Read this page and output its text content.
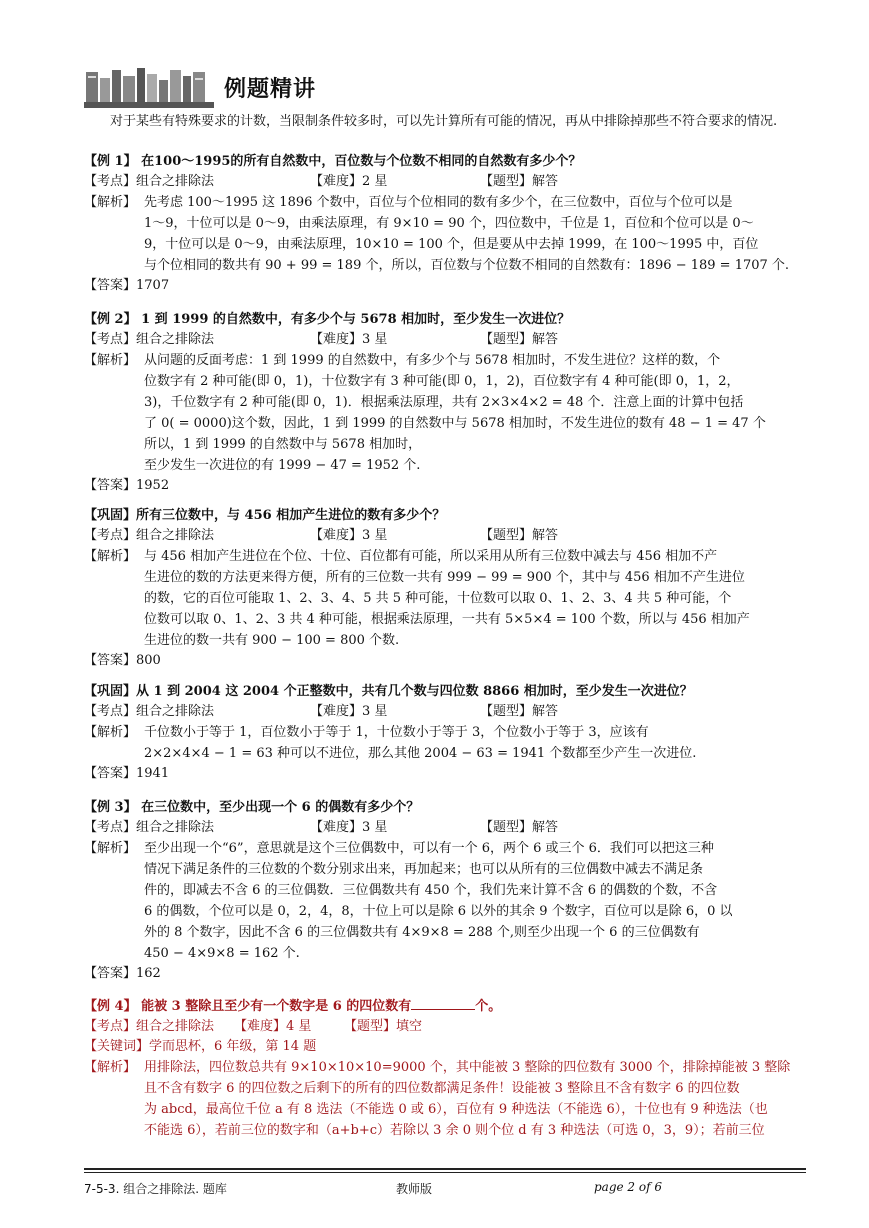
例题精讲
对于某些有特殊要求的计数，当限制条件较多时，可以先计算所有可能的情况，再从中排除掉那些不符合要求的情况.
【例 1】 在100～1995的所有自然数中，百位数与个位数不相同的自然数有多少个？
【考点】组合之排除法	【难度】2 星	【题型】解答
【解析】 先考虑 100～1995 这 1896 个数中，百位与个位相同的数有多少个，在三位数中，百位与个位可以是
1～9，十位可以是 0～9，由乘法原理，有 9×10 = 90 个，四位数中，千位是 1，百位和个位可以是 0～
9，十位可以是 0～9，由乘法原理，10×10 = 100 个，但是要从中去掉 1999，在 100～1995 中，百位
与个位相同的数共有 90 + 99 = 189 个，所以，百位数与个位数不相同的自然数有：1896 − 189 = 1707 个.
【答案】1707
【例 2】 1 到 1999 的自然数中，有多少个与 5678 相加时，至少发生一次进位？
【考点】组合之排除法	【难度】3 星	【题型】解答
【解析】 从问题的反面考虑：1 到 1999 的自然数中，有多少个与 5678 相加时，不发生进位？这样的数，个
位数字有 2 种可能(即 0，1)，十位数字有 3 种可能(即 0，1，2)，百位数字有 4 种可能(即 0，1，2，
3)，千位数字有 2 种可能(即 0，1)．根据乘法原理，共有 2×3×4×2 = 48 个．注意上面的计算中包括
了 0( = 0000)这个数，因此，1 到 1999 的自然数中与 5678 相加时，不发生进位的数有 48 − 1 = 47 个
所以，1 到 1999 的自然数中与 5678 相加时，
至少发生一次进位的有 1999 − 47 = 1952 个.
【答案】1952
【巩固】所有三位数中，与 456 相加产生进位的数有多少个？
【考点】组合之排除法	【难度】3 星	【题型】解答
【解析】 与 456 相加产生进位在个位、十位、百位都有可能，所以采用从所有三位数中减去与 456 相加不产
生进位的数的方法更来得方便，所有的三位数一共有 999 − 99 = 900 个，其中与 456 相加不产生进位
的数，它的百位可能取 1、2、3、4、5 共 5 种可能，十位数可以取 0、1、2、3、4 共 5 种可能，个
位数可以取 0、1、2、3 共 4 种可能，根据乘法原理，一共有 5×5×4 = 100 个数，所以与 456 相加产
生进位的数一共有 900 − 100 = 800 个数.
【答案】800
【巩固】从 1 到 2004 这 2004 个正整数中，共有几个数与四位数 8866 相加时，至少发生一次进位？
【考点】组合之排除法	【难度】3 星	【题型】解答
【解析】 千位数小于等于 1，百位数小于等于 1，十位数小于等于 3，个位数小于等于 3，应该有
2×2×4×4 − 1 = 63 种可以不进位，那么其他 2004 − 63 = 1941 个数都至少产生一次进位.
【答案】1941
【例 3】 在三位数中，至少出现一个 6 的偶数有多少个？
【考点】组合之排除法	【难度】3 星	【题型】解答
【解析】 至少出现一个“6”，意思就是这个三位偶数中，可以有一个 6，两个 6 或三个 6．我们可以把这三种
情况下满足条件的三位数的个数分别求出来，再加起来；也可以从所有的三位偶数中减去不满足条
件的，即减去不含 6 的三位偶数．三位偶数共有 450 个，我们先来计算不含 6 的偶数的个数，不含
6 的偶数，个位可以是 0，2，4，8，十位上可以是除 6 以外的其余 9 个数字，百位可以是除 6，0 以
外的 8 个数字，因此不含 6 的三位偶数共有 4×9×8 = 288 个,则至少出现一个 6 的三位偶数有
450 − 4×9×8 = 162 个.
【答案】162
【例 4】 能被 3 整除且至少有一个数字是 6 的四位数有	个。
【考点】组合之排除法 【难度】4 星	【题型】填空
【关键词】学而思杯，6 年级，第 14 题
【解析】 用排除法，四位数总共有 9×10×10×10=9000 个，其中能被 3 整除的四位数有 3000 个，排除掉能被 3 整除
且不含有数字 6 的四位数之后剩下的所有的四位数都满足条件！设能被 3 整除且不含有数字 6 的四位数
为 abcd，最高位千位 a 有 8 选法（不能选 0 或 6），百位有 9 种选法（不能选 6），十位也有 9 种选法（也
不能选 6），若前三位的数字和（a+b+c）若除以 3 余 0 则个位 d 有 3 种选法（可选 0，3，9）；若前三位
7-5-3. 组合之排除法. 题库	教师版	page 2 of 6
